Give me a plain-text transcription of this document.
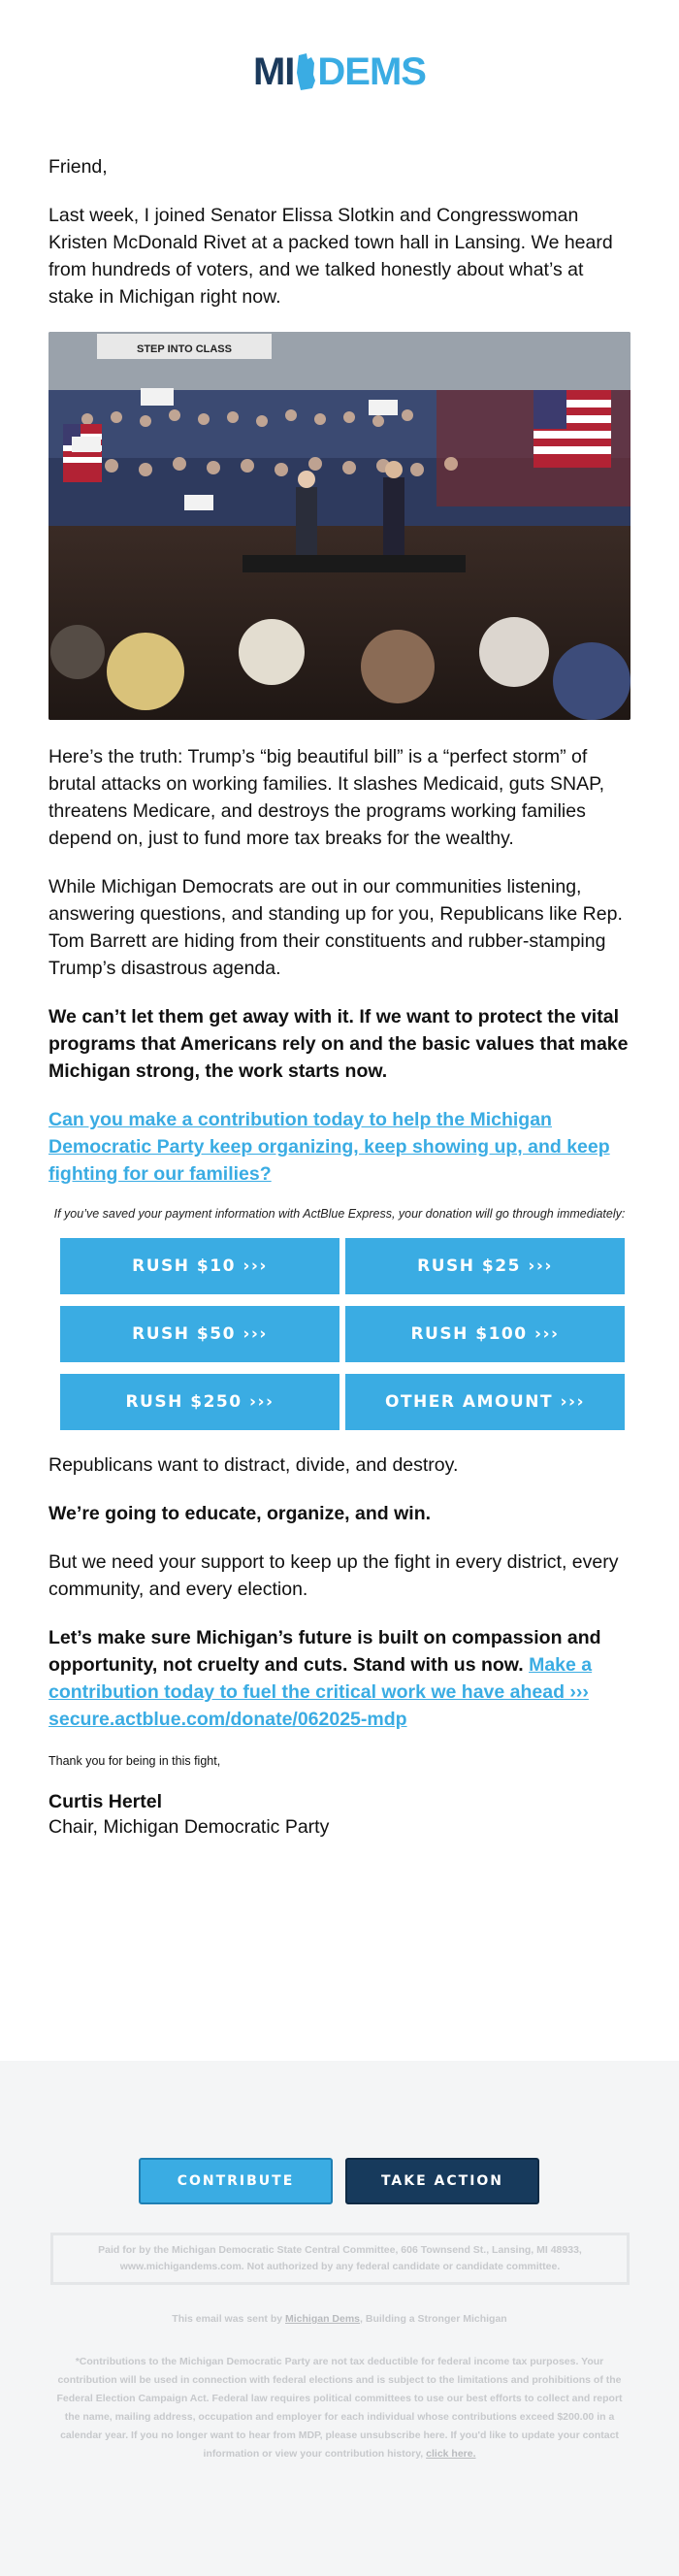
MI DEMS

Friend,

Last week, I joined Senator Elissa Slotkin and Congresswoman Kristen McDonald Rivet at a packed town hall in Lansing. We heard from hundreds of voters, and we talked honestly about what’s at stake in Michigan right now.

STEP INTO CLASS

Here’s the truth: Trump’s “big beautiful bill” is a “perfect storm” of brutal attacks on working families. It slashes Medicaid, guts SNAP, threatens Medicare, and destroys the programs working families depend on, just to fund more tax breaks for the wealthy.

While Michigan Democrats are out in our communities listening, answering questions, and standing up for you, Republicans like Rep. Tom Barrett are hiding from their constituents and rubber-stamping Trump’s disastrous agenda.

We can’t let them get away with it. If we want to protect the vital programs that Americans rely on and the basic values that make Michigan strong, the work starts now.

Can you make a contribution today to help the Michigan Democratic Party keep organizing, keep showing up, and keep fighting for our families?

If you’ve saved your payment information with ActBlue Express, your donation will go through immediately:

RUSH $10 ›››	RUSH $25 ›››
RUSH $50 ›››	RUSH $100 ›››
RUSH $250 ›››	OTHER AMOUNT ›››

Republicans want to distract, divide, and destroy.

We’re going to educate, organize, and win.

But we need your support to keep up the fight in every district, every community, and every election.

Let’s make sure Michigan’s future is built on compassion and opportunity, not cruelty and cuts. Stand with us now. Make a contribution today to fuel the critical work we have ahead ››› secure.actblue.com/donate/062025-mdp

Thank you for being in this fight,

Curtis Hertel

Chair, Michigan Democratic Party

CONTRIBUTE	TAKE ACTION
Paid for by the Michigan Democratic State Central Committee, 606 Townsend St., Lansing, MI 48933,
www.michigandems.com. Not authorized by any federal candidate or candidate committee.
This email was sent by Michigan Dems, Building a Stronger Michigan
*Contributions to the Michigan Democratic Party are not tax deductible for federal income tax purposes. Your contribution will be used in connection with federal elections and is subject to the limitations and prohibitions of the Federal Election Campaign Act. Federal law requires political committees to use our best efforts to collect and report the name, mailing address, occupation and employer for each individual whose contributions exceed $200.00 in a calendar year. If you no longer want to hear from MDP, please unsubscribe here. If you'd like to update your contact information or view your contribution history, click here.
